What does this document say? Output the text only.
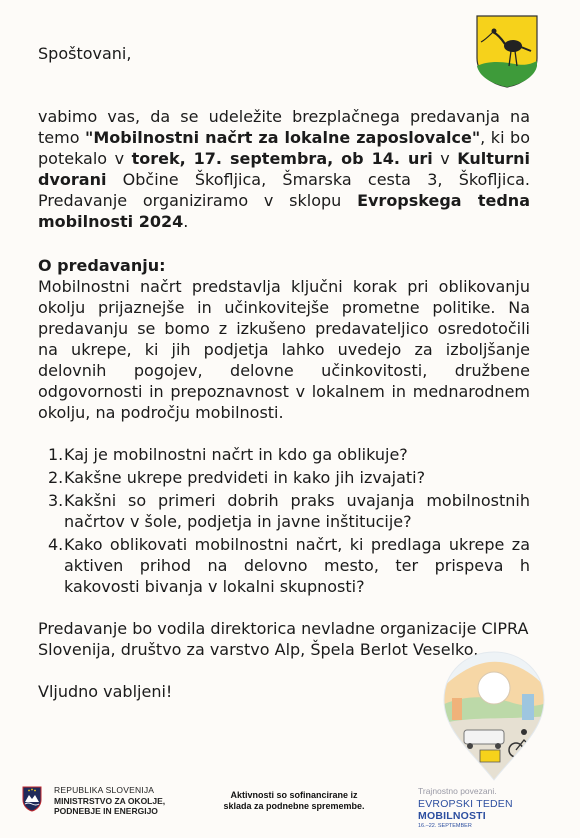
Spoštovani,

vabimo vas, da se udeležite brezplačnega predavanja na temo "Mobilnostni načrt za lokalne zaposlovalce", ki bo potekalo v torek, 17. septembra, ob 14. uri v Kulturni dvorani Občine Škofljica, Šmarska cesta 3, Škofljica. Predavanje organiziramo v sklopu Evropskega tedna mobilnosti 2024.

O predavanju:

Mobilnostni načrt predstavlja ključni korak pri oblikovanju okolju prijaznejše in učinkovitejše prometne politike. Na predavanju se bomo z izkušeno predavateljico osredotočili na ukrepe, ki jih podjetja lahko uvedejo za izboljšanje delovnih pogojev, delovne učinkovitosti, družbene odgovornosti in prepoznavnost v lokalnem in mednarodnem okolju, na področju mobilnosti.

1. Kaj je mobilnostni načrt in kdo ga oblikuje?
2. Kakšne ukrepe predvideti in kako jih izvajati?
3. Kakšni so primeri dobrih praks uvajanja mobilnostnih načrtov v šole, podjetja in javne inštitucije?
4. Kako oblikovati mobilnostni načrt, ki predlaga ukrepe za aktiven prihod na delovno mesto, ter prispeva h kakovosti bivanja v lokalni skupnosti?

Predavanje bo vodila direktorica nevladne organizacije CIPRA Slovenija, društvo za varstvo Alp, Špela Berlot Veselko.

Vljudno vabljeni!
REPUBLIKA SLOVENIJA
MINISTRSTVO ZA OKOLJE,
PODNEBJE IN ENERGIJO
Aktivnosti so sofinancirane iz
sklada za podnebne spremembe.
Trajnostno povezani.
EVROPSKI TEDEN MOBILNOSTI
16.–22. SEPTEMBER
